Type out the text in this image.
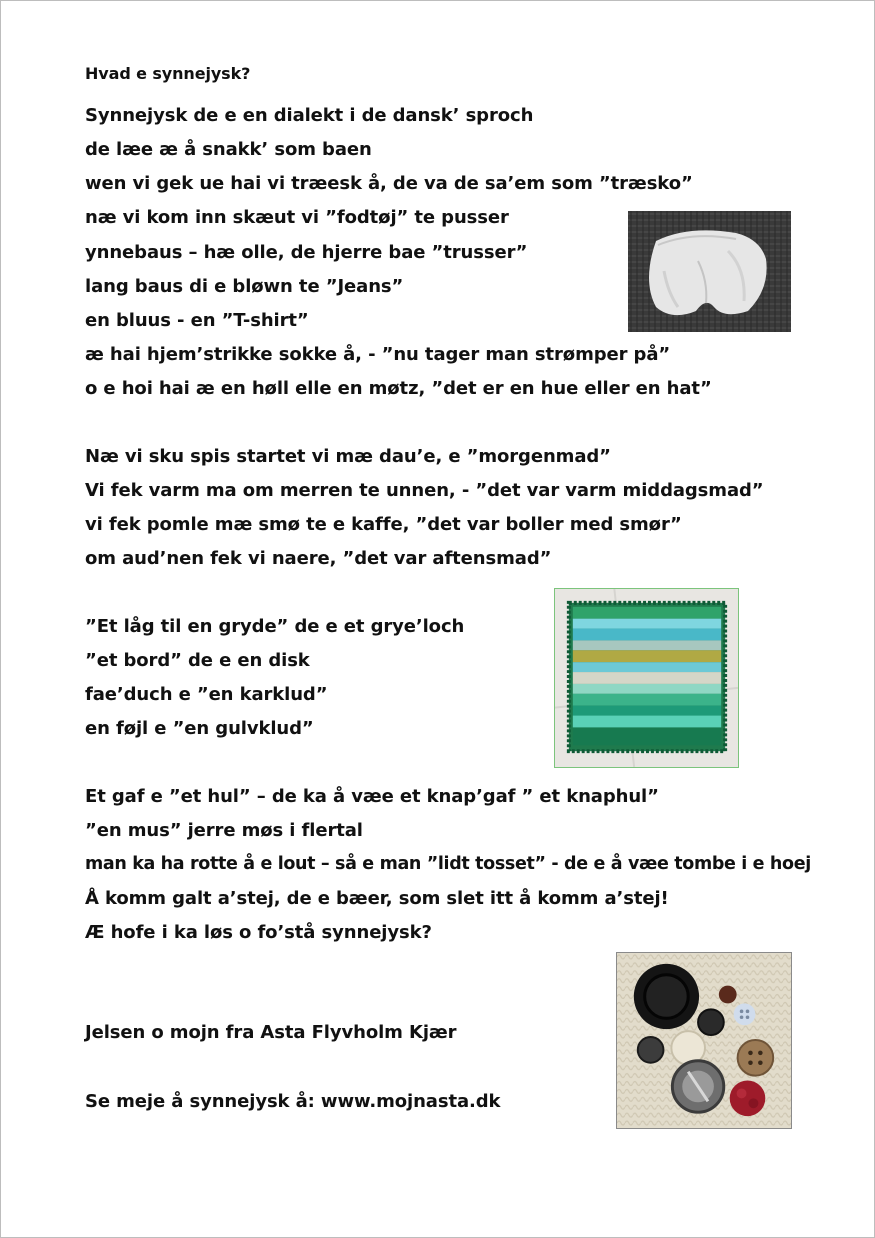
Hvad e synnejysk?

Synnejysk de e en dialekt i de dansk’ sproch

de læe æ å snakk’ som baen

wen vi gek ue hai vi træesk å, de va de sa’em som ”træsko”

næ vi kom inn skæut vi ”fodtøj” te pusser

ynnebaus – hæ olle, de hjerre bae ”trusser”

lang baus di e bløwn te ”Jeans”

en bluus - en ”T-shirt”

æ hai hjem’strikke sokke å, - ”nu tager man strømper på”

o e hoi hai æ en høll elle en møtz, ”det er en hue eller en hat”

Næ vi sku spis startet vi mæ dau’e, e ”morgenmad”

Vi fek varm ma om merren te unnen, - ”det var varm middagsmad”

vi fek pomle mæ smø te e kaffe, ”det var boller med smør”

om aud’nen fek vi naere, ”det var aftensmad”

”Et låg til en gryde” de e et grye’loch

”et bord” de e en disk

fae’duch e ”en karklud”

en føjl e ”en gulvklud”

Et gaf e ”et hul” – de ka å væe et knap’gaf ” et knaphul”

”en mus” jerre møs i flertal

man ka ha rotte å e lout – så e man ”lidt tosset” - de e å væe tombe i e hoej

Å komm galt a’stej, de e bæer, som slet itt å komm a’stej!

Æ hofe i ka løs o fo’stå synnejysk?

Jelsen o mojn fra Asta Flyvholm Kjær

Se meje å synnejysk å: www.mojnasta.dk
